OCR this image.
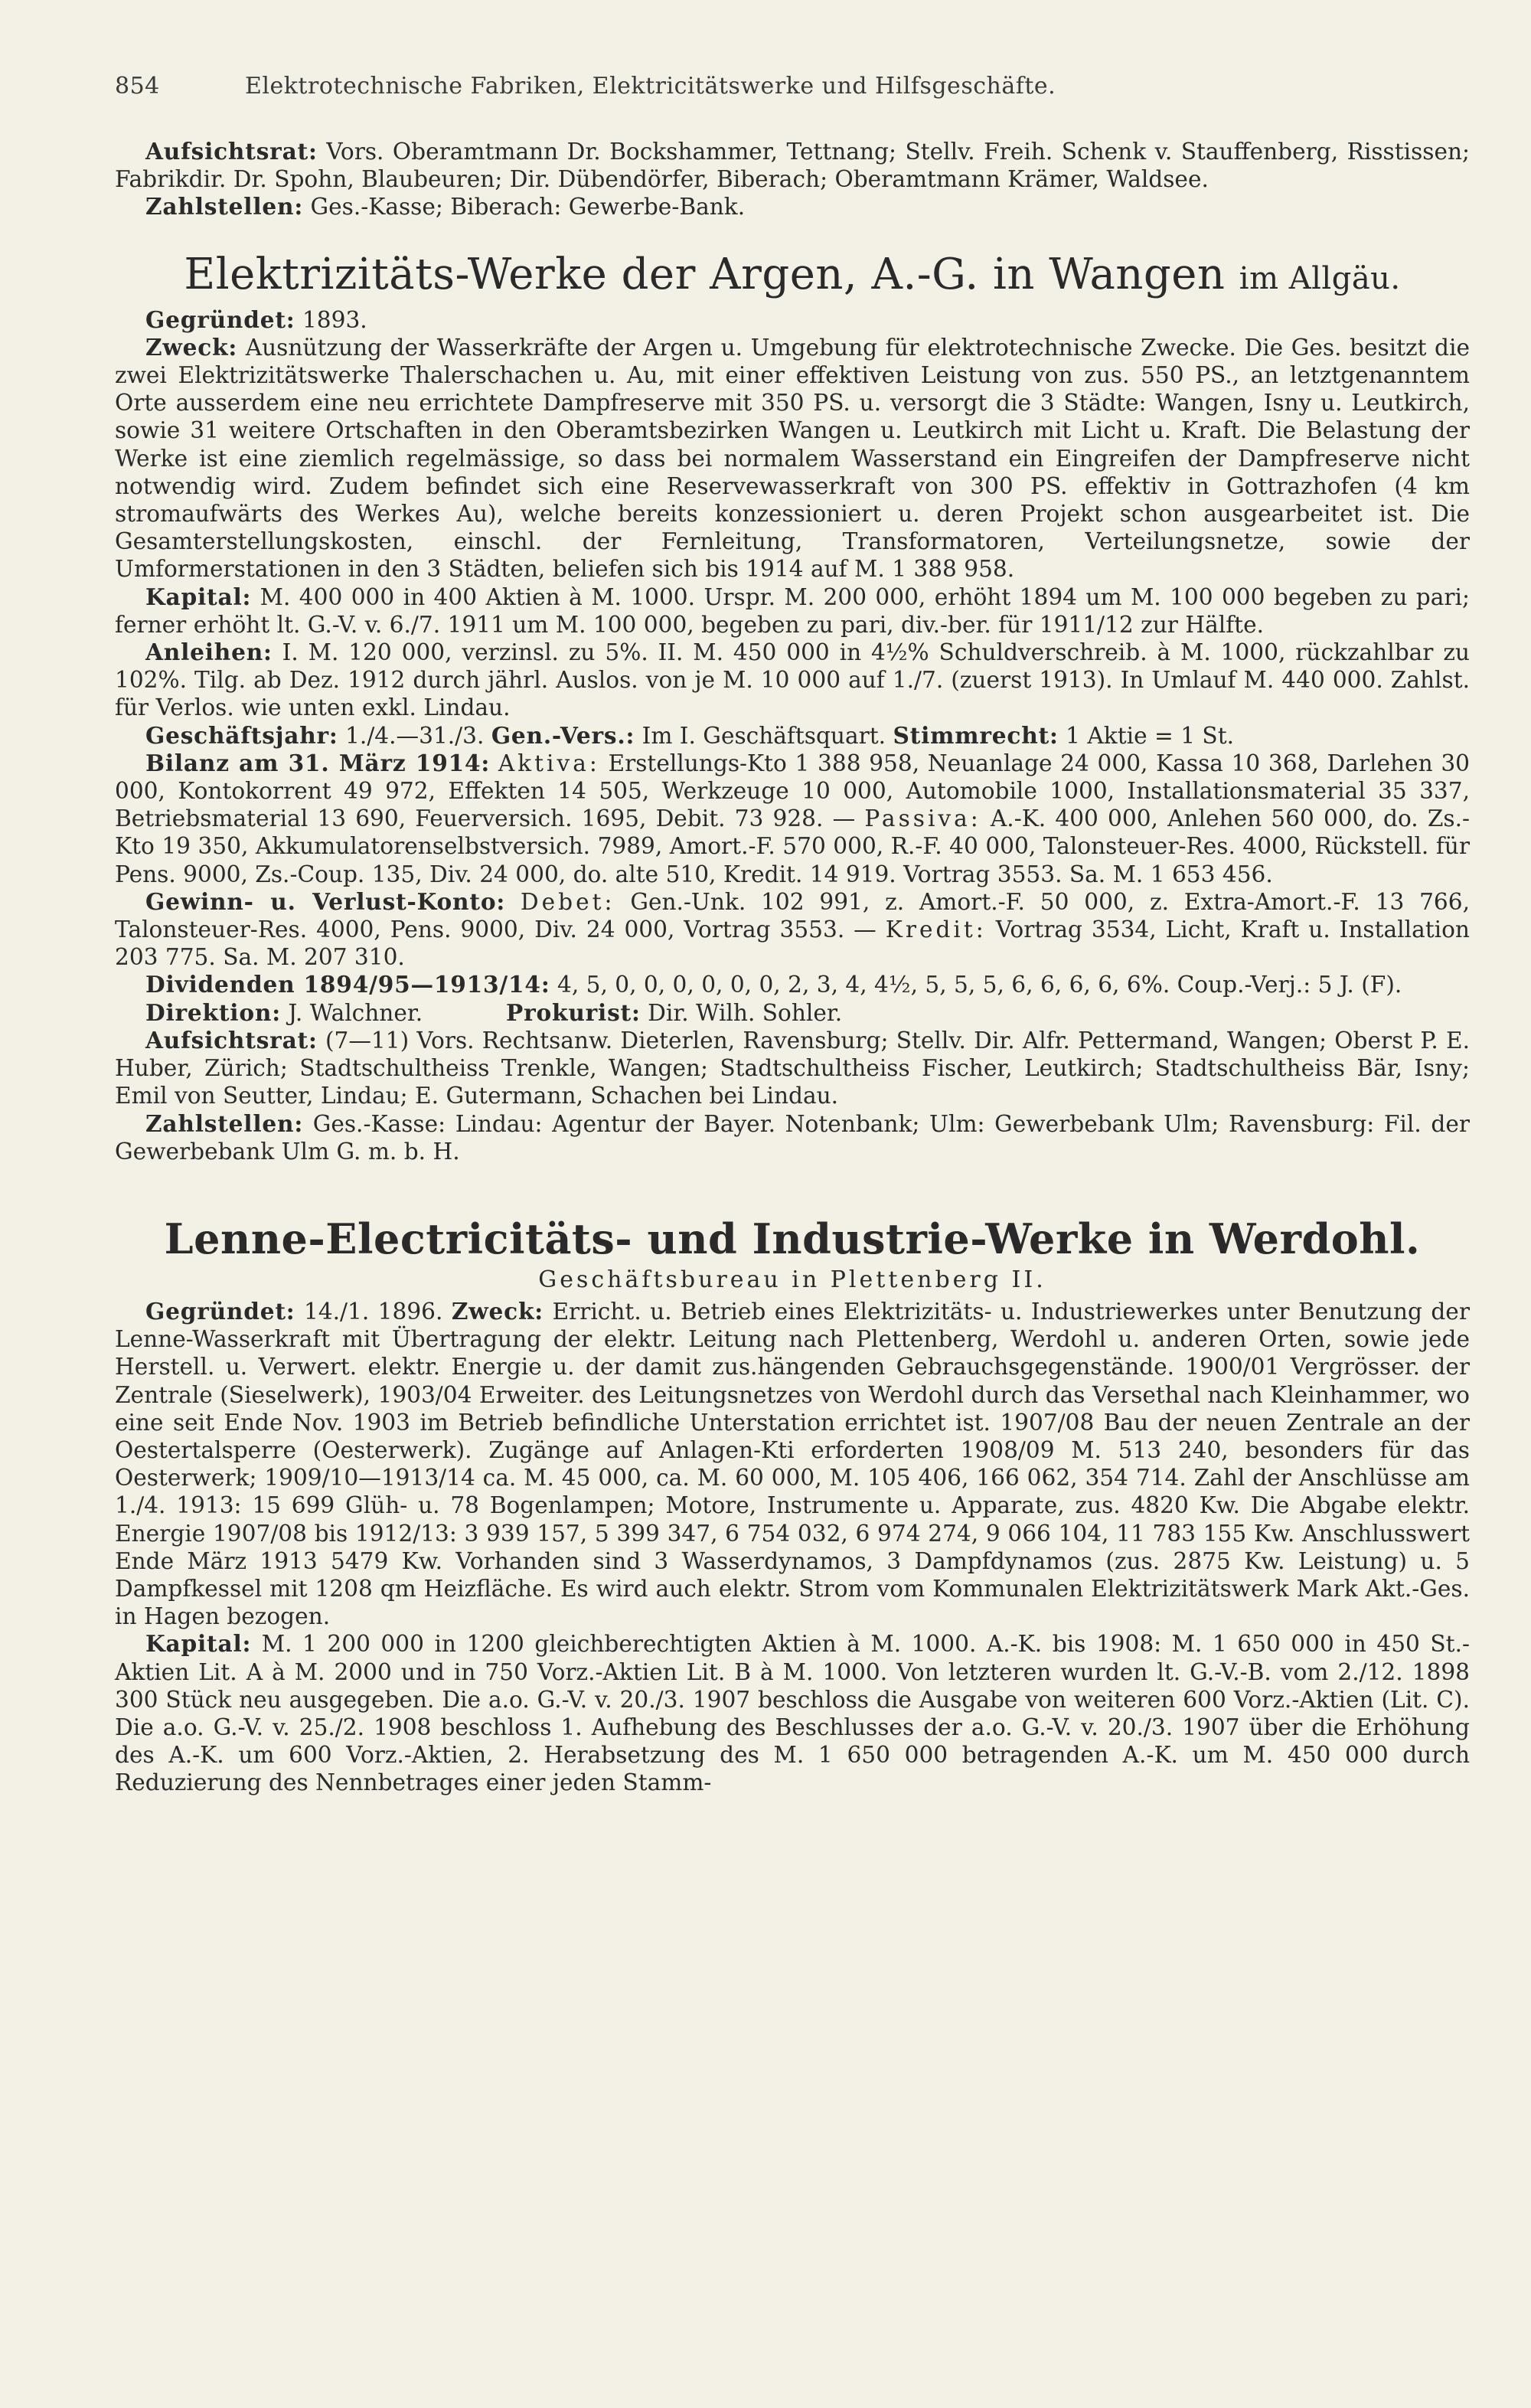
854	Elektrotechnische Fabriken, Elektricitätswerke und Hilfsgeschäfte.

Aufsichtsrat: Vors. Oberamtmann Dr. Bockshammer, Tettnang; Stellv. Freih. Schenk v. Stauffenberg, Risstissen; Fabrikdir. Dr. Spohn, Blaubeuren; Dir. Dübendörfer, Biberach; Oberamtmann Krämer, Waldsee.

Zahlstellen: Ges.-Kasse; Biberach: Gewerbe-Bank.

Elektrizitäts-Werke der Argen, A.-G. in Wangen im Allgäu.

Gegründet: 1893.

Zweck: Ausnützung der Wasserkräfte der Argen u. Umgebung für elektrotechnische Zwecke. Die Ges. besitzt die zwei Elektrizitätswerke Thalerschachen u. Au, mit einer effektiven Leistung von zus. 550 PS., an letztgenanntem Orte ausserdem eine neu errichtete Dampfreserve mit 350 PS. u. versorgt die 3 Städte: Wangen, Isny u. Leutkirch, sowie 31 weitere Ortschaften in den Oberamtsbezirken Wangen u. Leutkirch mit Licht u. Kraft. Die Belastung der Werke ist eine ziemlich regelmässige, so dass bei normalem Wasserstand ein Eingreifen der Dampfreserve nicht notwendig wird. Zudem befindet sich eine Reservewasserkraft von 300 PS. effektiv in Gottrazhofen (4 km stromaufwärts des Werkes Au), welche bereits konzessioniert u. deren Projekt schon ausgearbeitet ist. Die Gesamterstellungskosten, einschl. der Fernleitung, Transformatoren, Verteilungsnetze, sowie der Umformerstationen in den 3 Städten, beliefen sich bis 1914 auf M. 1 388 958.

Kapital: M. 400 000 in 400 Aktien à M. 1000. Urspr. M. 200 000, erhöht 1894 um M. 100 000 begeben zu pari; ferner erhöht lt. G.-V. v. 6./7. 1911 um M. 100 000, begeben zu pari, div.-ber. für 1911/12 zur Hälfte.

Anleihen: I. M. 120 000, verzinsl. zu 5%. II. M. 450 000 in 4½% Schuldverschreib. à M. 1000, rückzahlbar zu 102%. Tilg. ab Dez. 1912 durch jährl. Auslos. von je M. 10 000 auf 1./7. (zuerst 1913). In Umlauf M. 440 000. Zahlst. für Verlos. wie unten exkl. Lindau.

Geschäftsjahr: 1./4.—31./3. Gen.-Vers.: Im I. Geschäftsquart. Stimmrecht: 1 Aktie = 1 St.

Bilanz am 31. März 1914: Aktiva: Erstellungs-Kto 1 388 958, Neuanlage 24 000, Kassa 10 368, Darlehen 30 000, Kontokorrent 49 972, Effekten 14 505, Werkzeuge 10 000, Automobile 1000, Installationsmaterial 35 337, Betriebsmaterial 13 690, Feuerversich. 1695, Debit. 73 928. — Passiva: A.-K. 400 000, Anlehen 560 000, do. Zs.-Kto 19 350, Akkumulatorenselbstversich. 7989, Amort.-F. 570 000, R.-F. 40 000, Talonsteuer-Res. 4000, Rückstell. für Pens. 9000, Zs.-Coup. 135, Div. 24 000, do. alte 510, Kredit. 14 919. Vortrag 3553. Sa. M. 1 653 456.

Gewinn- u. Verlust-Konto: Debet: Gen.-Unk. 102 991, z. Amort.-F. 50 000, z. Extra-Amort.-F. 13 766, Talonsteuer-Res. 4000, Pens. 9000, Div. 24 000, Vortrag 3553. — Kredit: Vortrag 3534, Licht, Kraft u. Installation 203 775. Sa. M. 207 310.

Dividenden 1894/95—1913/14: 4, 5, 0, 0, 0, 0, 0, 0, 2, 3, 4, 4½, 5, 5, 5, 6, 6, 6, 6, 6%. Coup.-Verj.: 5 J. (F).

Direktion: J. Walchner.	Prokurist: Dir. Wilh. Sohler.

Aufsichtsrat: (7—11) Vors. Rechtsanw. Dieterlen, Ravensburg; Stellv. Dir. Alfr. Pettermand, Wangen; Oberst P. E. Huber, Zürich; Stadtschultheiss Trenkle, Wangen; Stadtschultheiss Fischer, Leutkirch; Stadtschultheiss Bär, Isny; Emil von Seutter, Lindau; E. Gutermann, Schachen bei Lindau.

Zahlstellen: Ges.-Kasse: Lindau: Agentur der Bayer. Notenbank; Ulm: Gewerbebank Ulm; Ravensburg: Fil. der Gewerbebank Ulm G. m. b. H.

Lenne-Electricitäts- und Industrie-Werke in Werdohl.

Geschäftsbureau in Plettenberg II.

Gegründet: 14./1. 1896. Zweck: Erricht. u. Betrieb eines Elektrizitäts- u. Industriewerkes unter Benutzung der Lenne-Wasserkraft mit Übertragung der elektr. Leitung nach Plettenberg, Werdohl u. anderen Orten, sowie jede Herstell. u. Verwert. elektr. Energie u. der damit zus.hängenden Gebrauchsgegenstände. 1900/01 Vergrösser. der Zentrale (Sieselwerk), 1903/04 Erweiter. des Leitungsnetzes von Werdohl durch das Versethal nach Kleinhammer, wo eine seit Ende Nov. 1903 im Betrieb befindliche Unterstation errichtet ist. 1907/08 Bau der neuen Zentrale an der Oestertalsperre (Oesterwerk). Zugänge auf Anlagen-Kti erforderten 1908/09 M. 513 240, besonders für das Oesterwerk; 1909/10—1913/14 ca. M. 45 000, ca. M. 60 000, M. 105 406, 166 062, 354 714. Zahl der Anschlüsse am 1./4. 1913: 15 699 Glüh- u. 78 Bogenlampen; Motore, Instrumente u. Apparate, zus. 4820 Kw. Die Abgabe elektr. Energie 1907/08 bis 1912/13: 3 939 157, 5 399 347, 6 754 032, 6 974 274, 9 066 104, 11 783 155 Kw. Anschlusswert Ende März 1913 5479 Kw. Vorhanden sind 3 Wasserdynamos, 3 Dampfdynamos (zus. 2875 Kw. Leistung) u. 5 Dampfkessel mit 1208 qm Heizfläche. Es wird auch elektr. Strom vom Kommunalen Elektrizitätswerk Mark Akt.-Ges. in Hagen bezogen.

Kapital: M. 1 200 000 in 1200 gleichberechtigten Aktien à M. 1000. A.-K. bis 1908: M. 1 650 000 in 450 St.-Aktien Lit. A à M. 2000 und in 750 Vorz.-Aktien Lit. B à M. 1000. Von letzteren wurden lt. G.-V.-B. vom 2./12. 1898 300 Stück neu ausgegeben. Die a.o. G.-V. v. 20./3. 1907 beschloss die Ausgabe von weiteren 600 Vorz.-Aktien (Lit. C). Die a.o. G.-V. v. 25./2. 1908 beschloss 1. Aufhebung des Beschlusses der a.o. G.-V. v. 20./3. 1907 über die Erhöhung des A.-K. um 600 Vorz.-Aktien, 2. Herabsetzung des M. 1 650 000 betragenden A.-K. um M. 450 000 durch Reduzierung des Nennbetrages einer jeden Stamm-
